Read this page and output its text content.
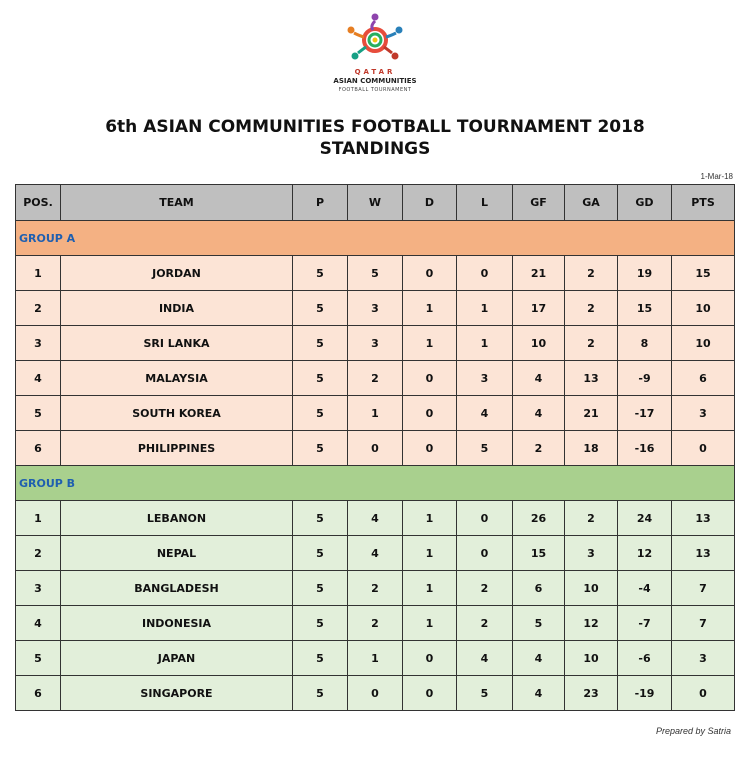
QATAR
ASIAN COMMUNITIES
FOOTBALL TOURNAMENT
6th ASIAN COMMUNITIES FOOTBALL TOURNAMENT 2018
STANDINGS
1-Mar-18
POS.	TEAM	P	W	D	L	GF	GA	GD	PTS
GROUP A									
1	JORDAN	5	5	0	0	21	2	19	15
2	INDIA	5	3	1	1	17	2	15	10
3	SRI LANKA	5	3	1	1	10	2	8	10
4	MALAYSIA	5	2	0	3	4	13	-9	6
5	SOUTH KOREA	5	1	0	4	4	21	-17	3
6	PHILIPPINES	5	0	0	5	2	18	-16	0
GROUP B									
1	LEBANON	5	4	1	0	26	2	24	13
2	NEPAL	5	4	1	0	15	3	12	13
3	BANGLADESH	5	2	1	2	6	10	-4	7
4	INDONESIA	5	2	1	2	5	12	-7	7
5	JAPAN	5	1	0	4	4	10	-6	3
6	SINGAPORE	5	0	0	5	4	23	-19	0
Prepared by Satria
